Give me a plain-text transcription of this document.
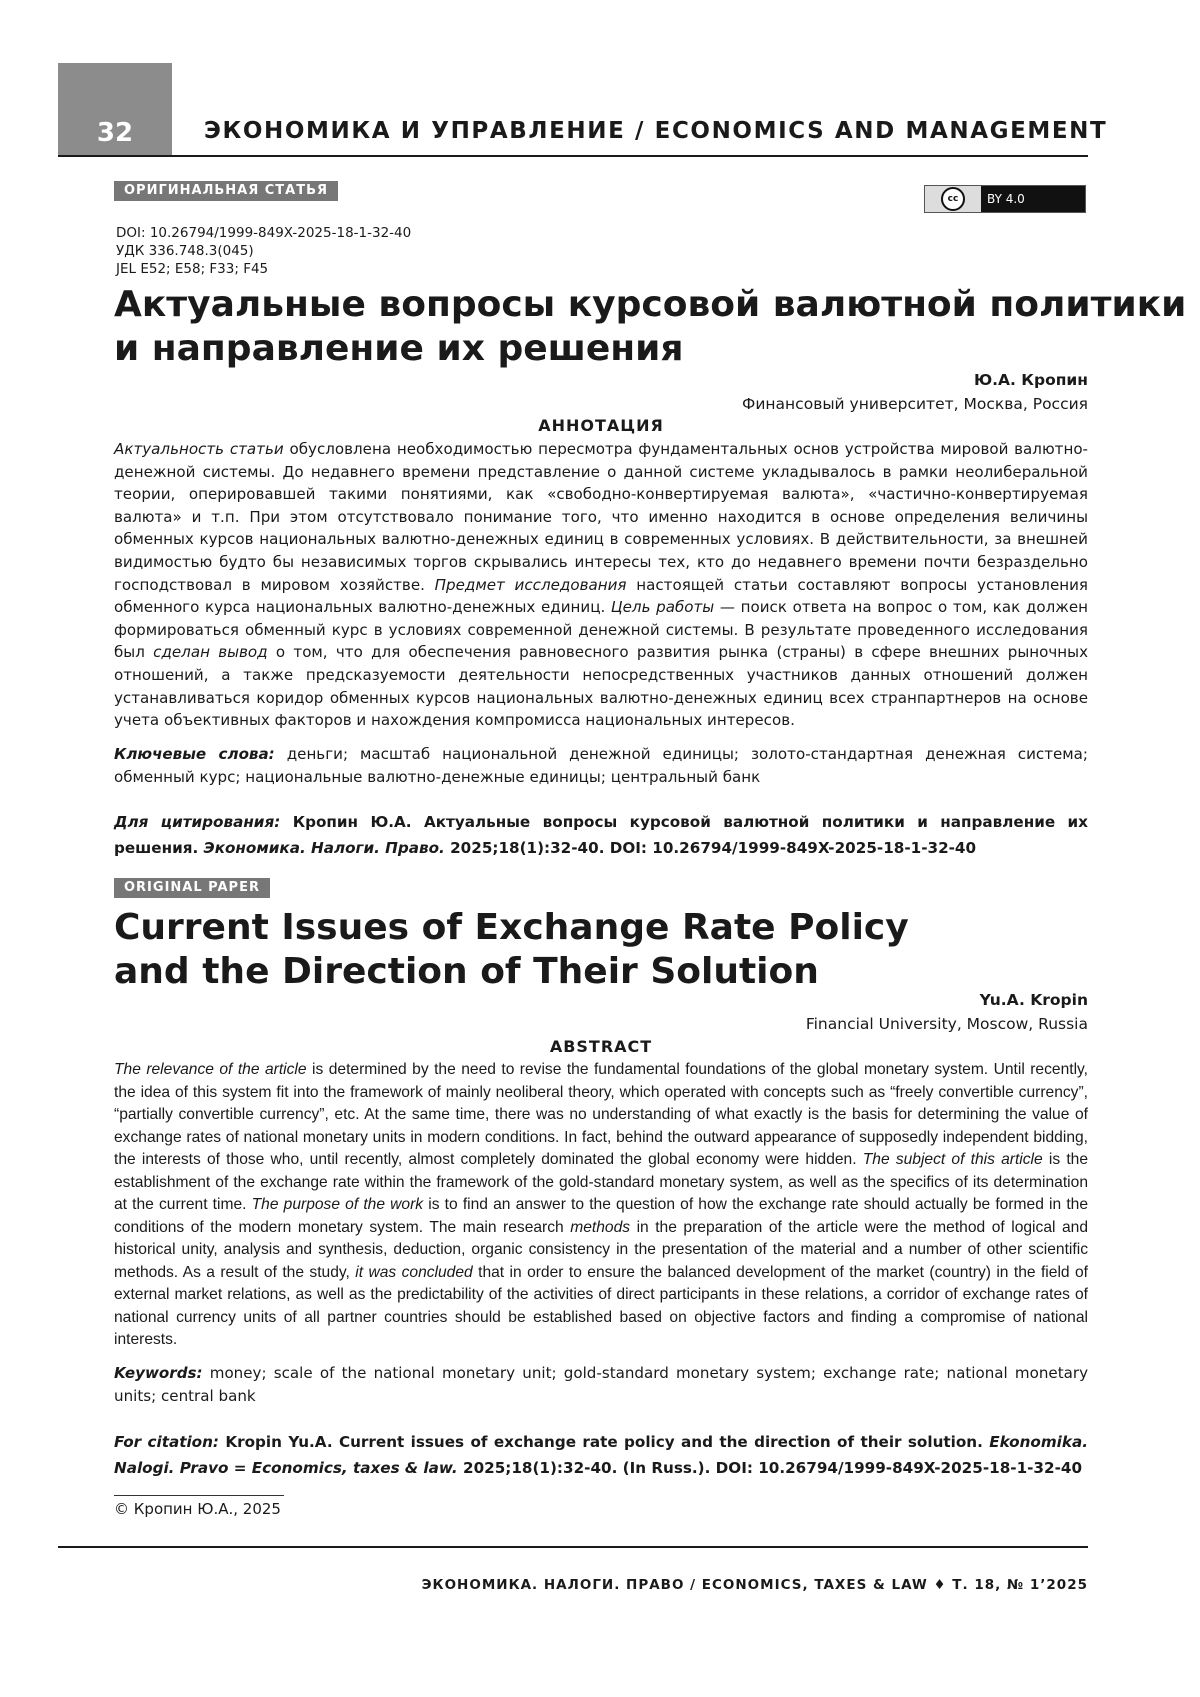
32	ЭКОНОМИКА И УПРАВЛЕНИЕ / ECONOMICS AND MANAGEMENT
ОРИГИНАЛЬНАЯ СТАТЬЯ
cc	BY 4.0
DOI: 10.26794/1999-849X-2025-18-1-32-40
УДК 336.748.3(045)
JEL E52; E58; F33; F45
Актуальные вопросы курсовой валютной политики
и направление их решения
Ю.А. Кропин
Финансовый университет, Москва, Россия
АННОТАЦИЯ
Актуальность статьи обусловлена необходимостью пересмотра фундаментальных основ устройства мировой валютно-денежной системы. До недавнего времени представление о данной системе укладывалось в рамки неолиберальной теории, оперировавшей такими понятиями, как «свободно-конвертируемая валюта», «частично-конвертируемая валюта» и т.п. При этом отсутствовало понимание того, что именно находится в основе определения величины обменных курсов национальных валютно-денежных единиц в современных условиях. В действительности, за внешней видимостью будто бы независимых торгов скрывались интересы тех, кто до недавнего времени почти безраздельно господствовал в мировом хозяйстве. Предмет исследования настоящей статьи составляют вопросы установления обменного курса национальных валютно-денежных единиц. Цель работы — поиск ответа на вопрос о том, как должен формироваться обменный курс в условиях современной денежной системы. В результате проведенного исследования был сделан вывод о том, что для обеспечения равновесного развития рынка (страны) в сфере внешних рыночных отношений, а также предсказуемости деятельности непосредственных участников данных отношений должен устанавливаться коридор обменных курсов национальных валютно-денежных единиц всех странпартнеров на основе учета объективных факторов и нахождения компромисса национальных интересов.
Ключевые слова: деньги; масштаб национальной денежной единицы; золото-стандартная денежная система; обменный курс; национальные валютно-денежные единицы; центральный банк
Для цитирования: Кропин Ю.А. Актуальные вопросы курсовой валютной политики и направление их решения. Экономика. Налоги. Право. 2025;18(1):32-40. DOI: 10.26794/1999-849X-2025-18-1-32-40
ORIGINAL PAPER
Current Issues of Exchange Rate Policy
and the Direction of Their Solution
Yu.A. Kropin
Financial University, Moscow, Russia
ABSTRACT
The relevance of the article is determined by the need to revise the fundamental foundations of the global monetary system. Until recently, the idea of this system fit into the framework of mainly neoliberal theory, which operated with concepts such as “freely convertible currency”, “partially convertible currency”, etc. At the same time, there was no understanding of what exactly is the basis for determining the value of exchange rates of national monetary units in modern conditions. In fact, behind the outward appearance of supposedly independent bidding, the interests of those who, until recently, almost completely dominated the global economy were hidden. The subject of this article is the establishment of the exchange rate within the framework of the gold-standard monetary system, as well as the specifics of its determination at the current time. The purpose of the work is to find an answer to the question of how the exchange rate should actually be formed in the conditions of the modern monetary system. The main research methods in the preparation of the article were the method of logical and historical unity, analysis and synthesis, deduction, organic consistency in the presentation of the material and a number of other scientific methods. As a result of the study, it was concluded that in order to ensure the balanced development of the market (country) in the field of external market relations, as well as the predictability of the activities of direct participants in these relations, a corridor of exchange rates of national currency units of all partner countries should be established based on objective factors and finding a compromise of national interests.
Keywords: money; scale of the national monetary unit; gold-standard monetary system; exchange rate; national monetary units; central bank
For citation: Kropin Yu.A. Current issues of exchange rate policy and the direction of their solution. Ekonomika. Nalogi. Pravo = Economics, taxes & law. 2025;18(1):32-40. (In Russ.). DOI: 10.26794/1999-849X-2025-18-1-32-40
© Кропин Ю.А., 2025
ЭКОНОМИКА. НАЛОГИ. ПРАВО / ECONOMICS, TAXES & LAW ♦ Т. 18, № 1’2025
